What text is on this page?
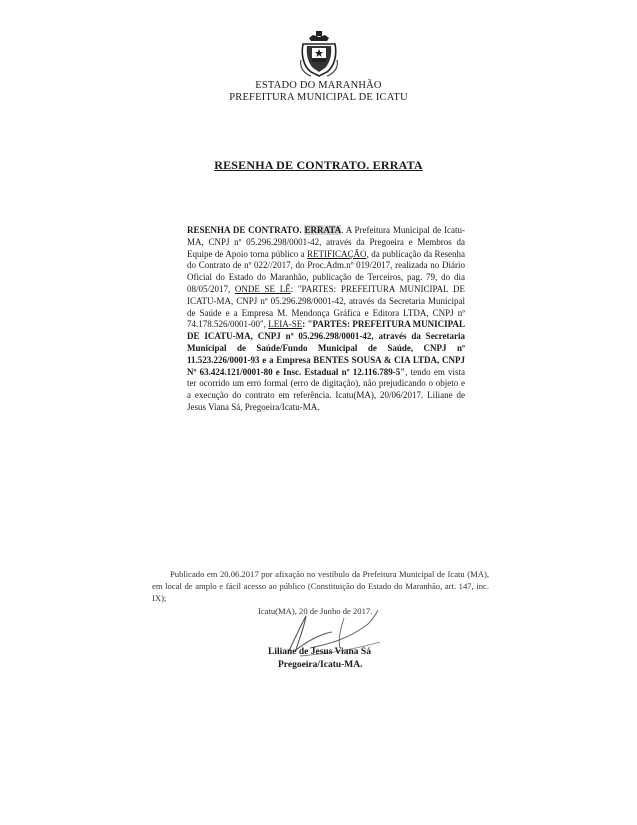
ESTADO DO MARANHÃO
PREFEITURA MUNICIPAL DE ICATU
RESENHA DE CONTRATO. ERRATA
RESENHA DE CONTRATO. ERRATA. A Prefeitura Municipal de Icatu-MA, CNPJ nº 05.296.298/0001-42, através da Pregoeira e Membros da Equipe de Apoio torna público a RETIFICAÇÃO, da publicação da Resenha do Contrato de nº 022//2017, do Proc.Adm.nº 019/2017, realizada no Diário Oficial do Estado do Maranhão, publicação de Terceiros, pag. 79, do dia 08/05/2017, ONDE SE LÊ: "PARTES: PREFEITURA MUNICIPAL DE ICATU-MA, CNPJ nº 05.296.298/0001-42, através da Secretaria Municipal de Saúde e a Empresa M. Mendonça Gráfica e Editora LTDA, CNPJ nº 74.178.526/0001-00", LEIA-SE: "PARTES: PREFEITURA MUNICIPAL DE ICATU-MA, CNPJ nº 05.296.298/0001-42, através da Secretaria Municipal de Saúde/Fundo Municipal de Saúde, CNPJ nº 11.523.226/0001-93 e a Empresa BENTES SOUSA & CIA LTDA, CNPJ Nº 63.424.121/0001-80 e Insc. Estadual nº 12.116.789-5", tendo em vista ter ocorrido um erro formal (erro de digitação), não prejudicando o objeto e a execução do contrato em referência. Icatu(MA), 20/06/2017. Liliane de Jesus Viana Sá, Pregoeira/Icatu-MA.
Publicado em 20.06.2017 por afixação no vestíbulo da Prefeitura Municipal de Icatu (MA), em local de amplo e fácil acesso ao público (Constituição do Estado do Maranhão, art. 147, inc. IX);
Icatu(MA), 20 de Junho de 2017.
Liliane de Jesus Viana Sá
Pregoeira/Icatu-MA.
